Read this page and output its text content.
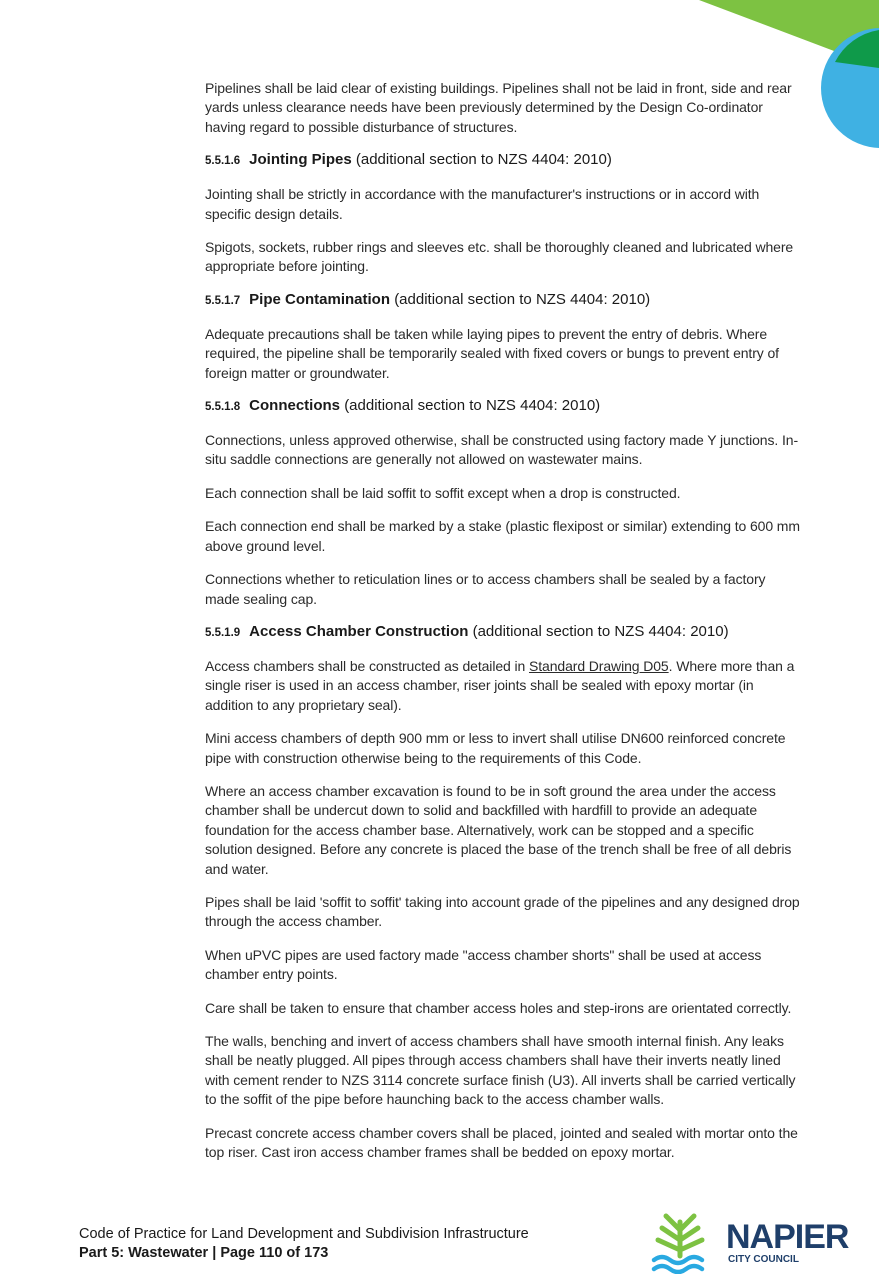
Pipelines shall be laid clear of existing buildings. Pipelines shall not be laid in front, side and rear yards unless clearance needs have been previously determined by the Design Co-ordinator having regard to possible disturbance of structures.

5.5.1.6 Jointing Pipes (additional section to NZS 4404: 2010)

Jointing shall be strictly in accordance with the manufacturer's instructions or in accord with specific design details.

Spigots, sockets, rubber rings and sleeves etc. shall be thoroughly cleaned and lubricated where appropriate before jointing.

5.5.1.7 Pipe Contamination (additional section to NZS 4404: 2010)

Adequate precautions shall be taken while laying pipes to prevent the entry of debris. Where required, the pipeline shall be temporarily sealed with fixed covers or bungs to prevent entry of foreign matter or groundwater.

5.5.1.8 Connections (additional section to NZS 4404: 2010)

Connections, unless approved otherwise, shall be constructed using factory made Y junctions. In-situ saddle connections are generally not allowed on wastewater mains.

Each connection shall be laid soffit to soffit except when a drop is constructed.

Each connection end shall be marked by a stake (plastic flexipost or similar) extending to 600 mm above ground level.

Connections whether to reticulation lines or to access chambers shall be sealed by a factory made sealing cap.

5.5.1.9 Access Chamber Construction (additional section to NZS 4404: 2010)

Access chambers shall be constructed as detailed in Standard Drawing D05. Where more than a single riser is used in an access chamber, riser joints shall be sealed with epoxy mortar (in addition to any proprietary seal).

Mini access chambers of depth 900 mm or less to invert shall utilise DN600 reinforced concrete pipe with construction otherwise being to the requirements of this Code.

Where an access chamber excavation is found to be in soft ground the area under the access chamber shall be undercut down to solid and backfilled with hardfill to provide an adequate foundation for the access chamber base. Alternatively, work can be stopped and a specific solution designed. Before any concrete is placed the base of the trench shall be free of all debris and water.

Pipes shall be laid 'soffit to soffit' taking into account grade of the pipelines and any designed drop through the access chamber.

When uPVC pipes are used factory made "access chamber shorts" shall be used at access chamber entry points.

Care shall be taken to ensure that chamber access holes and step-irons are orientated correctly.

The walls, benching and invert of access chambers shall have smooth internal finish. Any leaks shall be neatly plugged. All pipes through access chambers shall have their inverts neatly lined with cement render to NZS 3114 concrete surface finish (U3). All inverts shall be carried vertically to the soffit of the pipe before haunching back to the access chamber walls.

Precast concrete access chamber covers shall be placed, jointed and sealed with mortar onto the top riser. Cast iron access chamber frames shall be bedded on epoxy mortar.

Code of Practice for Land Development and Subdivision Infrastructure
Part 5: Wastewater | Page 110 of 173	NAPIER
CITY COUNCIL
